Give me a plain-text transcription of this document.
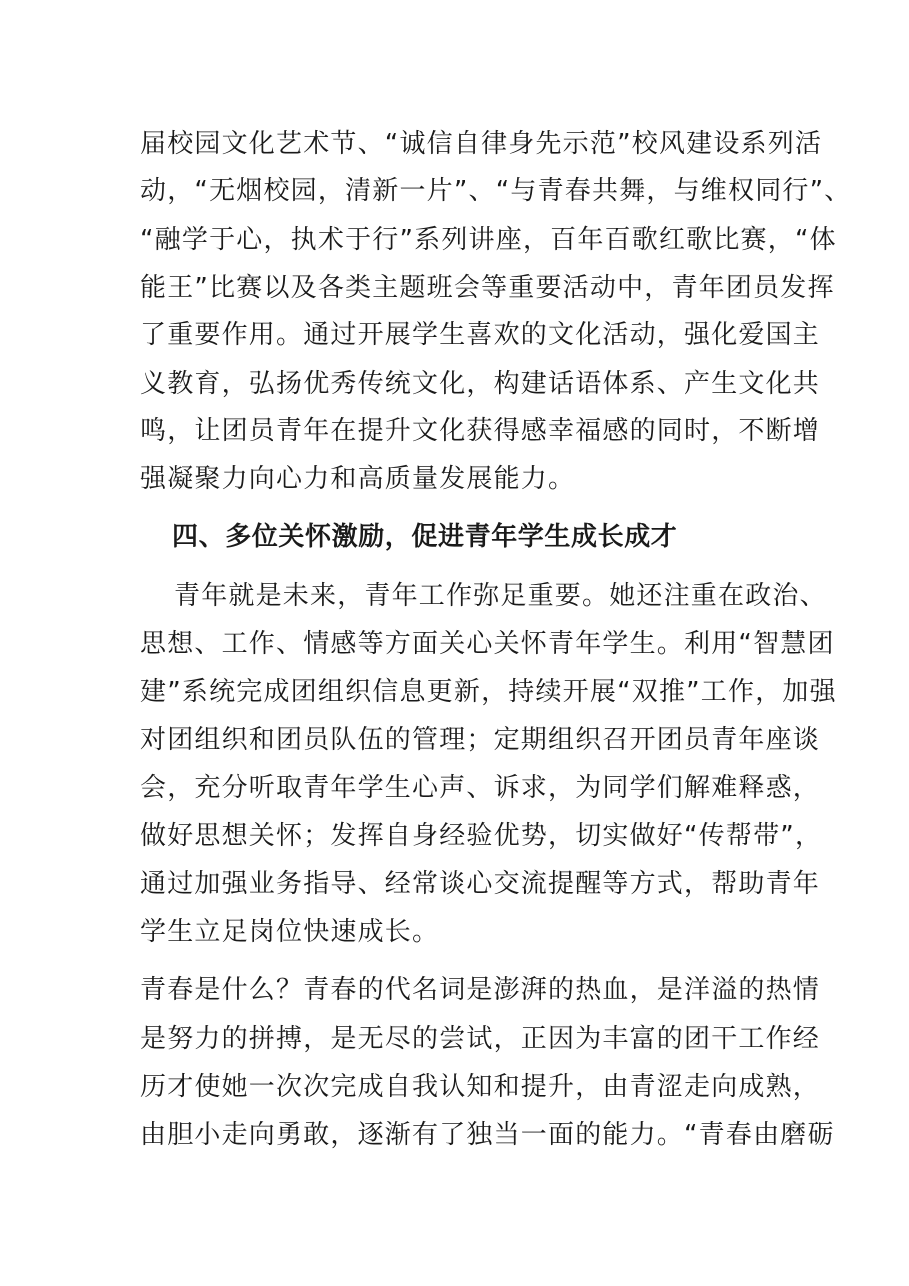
届校园文化艺术节、“诚信自律身先示范”校风建设系列活
动，“无烟校园，清新一片”、“与青春共舞，与维权同行”、
“融学于心，执术于行”系列讲座，百年百歌红歌比赛，“体
能王”比赛以及各类主题班会等重要活动中，青年团员发挥
了重要作用。通过开展学生喜欢的文化活动，强化爱国主
义教育，弘扬优秀传统文化，构建话语体系、产生文化共
鸣，让团员青年在提升文化获得感幸福感的同时，不断增
强凝聚力向心力和高质量发展能力。
四、多位关怀激励，促进青年学生成长成才
青年就是未来，青年工作弥足重要。她还注重在政治、
思想、工作、情感等方面关心关怀青年学生。利用“智慧团
建”系统完成团组织信息更新，持续开展“双推”工作，加强
对团组织和团员队伍的管理；定期组织召开团员青年座谈
会，充分听取青年学生心声、诉求，为同学们解难释惑，
做好思想关怀；发挥自身经验优势，切实做好“传帮带”，
通过加强业务指导、经常谈心交流提醒等方式，帮助青年
学生立足岗位快速成长。
青春是什么？青春的代名词是澎湃的热血，是洋溢的热情
是努力的拼搏，是无尽的尝试，正因为丰富的团干工作经
历才使她一次次完成自我认知和提升，由青涩走向成熟，
由胆小走向勇敢，逐渐有了独当一面的能力。“青春由磨砺
